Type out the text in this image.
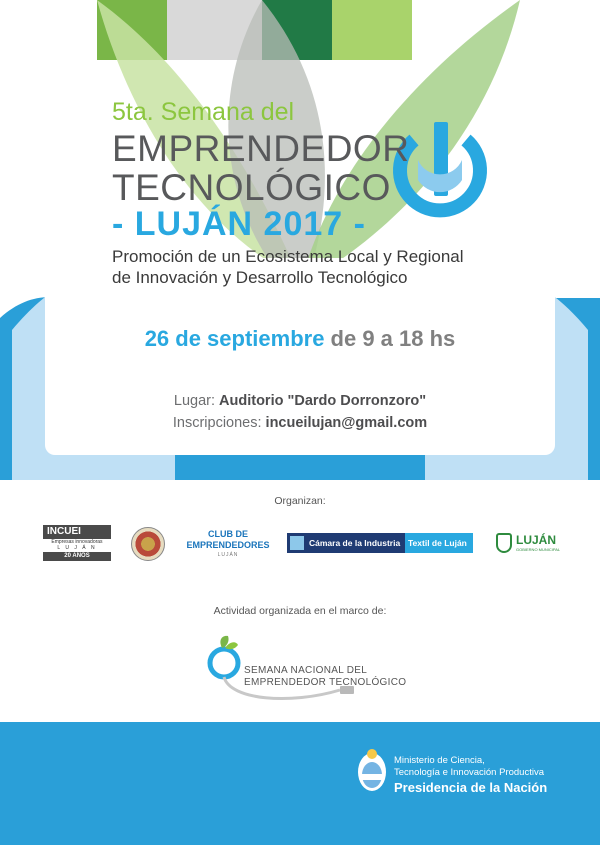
5ta. Semana del
EMPRENDEDOR
TECNOLÓGICO
- LUJÁN 2017 -
Promoción de un Ecosistema Local y Regional
de Innovación y Desarrollo Tecnológico
26 de septiembre de 9 a 18 hs
Lugar: Auditorio "Dardo Dorronzoro"
Inscripciones: incueilujan@gmail.com
Organizan:
INCUEI
Empresas innovadoras
L U J Á N
20 AÑOS
CLUB DE
EMPRENDEDORES
LUJÁN
Cámara de la Industria Textil de Luján	LUJÁN
GOBIERNO MUNICIPAL
Actividad organizada en el marco de:
SEMANA NACIONAL DEL
EMPRENDEDOR TECNOLÓGICO
Ministerio de Ciencia,
Tecnología e Innovación Productiva
Presidencia de la Nación
